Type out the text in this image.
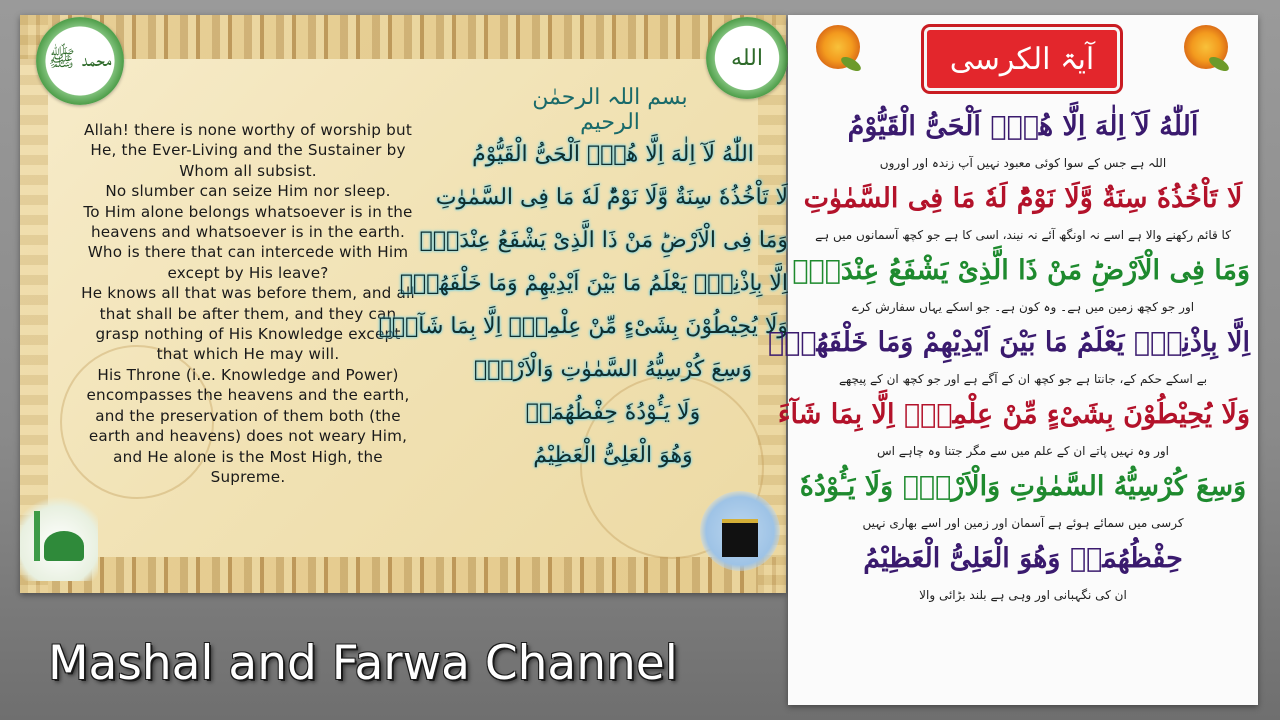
محمد ﷺ	الله
بسم اللہ الرحمٰن الرحیم
Allah! there is none worthy of worship but
He, the Ever-Living and the Sustainer by
Whom all subsist.
No slumber can seize Him nor sleep.
To Him alone belongs whatsoever is in the
heavens and whatsoever is in the earth.
Who is there that can intercede with Him
except by His leave?
He knows all that was before them, and all
that shall be after them, and they can
grasp nothing of His Knowledge except
that which He may will.
His Throne (i.e. Knowledge and Power)
encompasses the heavens and the earth,
and the preservation of them both (the
earth and heavens) does not weary Him,
and He alone is the Most High, the
Supreme.
اللّٰهُ لَآ اِلٰهَ اِلَّا هُوَۚ اَلْحَیُّ الْقَیُّوْمُ
لَا تَاْخُذُهٗ سِنَةٌ وَّلَا نَوْمٌؕ لَهٗ مَا فِی السَّمٰوٰتِ
وَمَا فِی الْاَرْضِؕ مَنْ ذَا الَّذِیْ یَشْفَعُ عِنْدَهٗۤ
اِلَّا بِاِذْنِهٖؕ یَعْلَمُ مَا بَیْنَ اَیْدِیْهِمْ وَمَا خَلْفَهُمْۚ
وَلَا یُحِیْطُوْنَ بِشَیْءٍ مِّنْ عِلْمِهٖۤ اِلَّا بِمَا شَآءَۚ
وَسِعَ كُرْسِیُّهُ السَّمٰوٰتِ وَالْاَرْضَۚ
وَلَا یَـُٔوْدُهٗ حِفْظُهُمَاۚ
وَهُوَ الْعَلِیُّ الْعَظِیْمُ
آیۃ الکرسی
اَللّٰهُ لَآ اِلٰهَ اِلَّا هُوَۚ اَلْحَیُّ الْقَیُّوْمُ
اللہ ہے جس کے سوا کوئی معبود نہیں آپ زندہ اور اوروں
لَا تَاْخُذُهٗ سِنَةٌ وَّلَا نَوْمٌؕ لَهٗ مَا فِی السَّمٰوٰتِ
کا قائم رکھنے والا ہے اسے نہ اونگھ آئے نہ نیند، اسی کا ہے جو کچھ آسمانوں میں ہے
وَمَا فِی الْاَرْضِؕ مَنْ ذَا الَّذِیْ یَشْفَعُ عِنْدَهٗۤ
اور جو کچھ زمین میں ہے۔ وہ کون ہے۔ جو اسکے یہاں سفارش کرے
اِلَّا بِاِذْنِهٖؕ یَعْلَمُ مَا بَیْنَ اَیْدِیْهِمْ وَمَا خَلْفَهُمْۚ
بے اسکے حکم کے، جانتا ہے جو کچھ ان کے آگے ہے اور جو کچھ ان کے پیچھے
وَلَا یُحِیْطُوْنَ بِشَیْءٍ مِّنْ عِلْمِهٖۤ اِلَّا بِمَا شَآءَ
اور وہ نہیں پاتے ان کے علم میں سے مگر جتنا وہ چاہے اس
وَسِعَ كُرْسِیُّهُ السَّمٰوٰتِ وَالْاَرْضَۚ وَلَا یَـُٔوْدُهٗ
کرسی میں سمائے ہوئے ہے آسمان اور زمین اور اسے بھاری نہیں
حِفْظُهُمَاۚ وَهُوَ الْعَلِیُّ الْعَظِیْمُ
ان کی نگہبانی اور وہی ہے بلند بڑائی والا
Mashal and Farwa Channel
